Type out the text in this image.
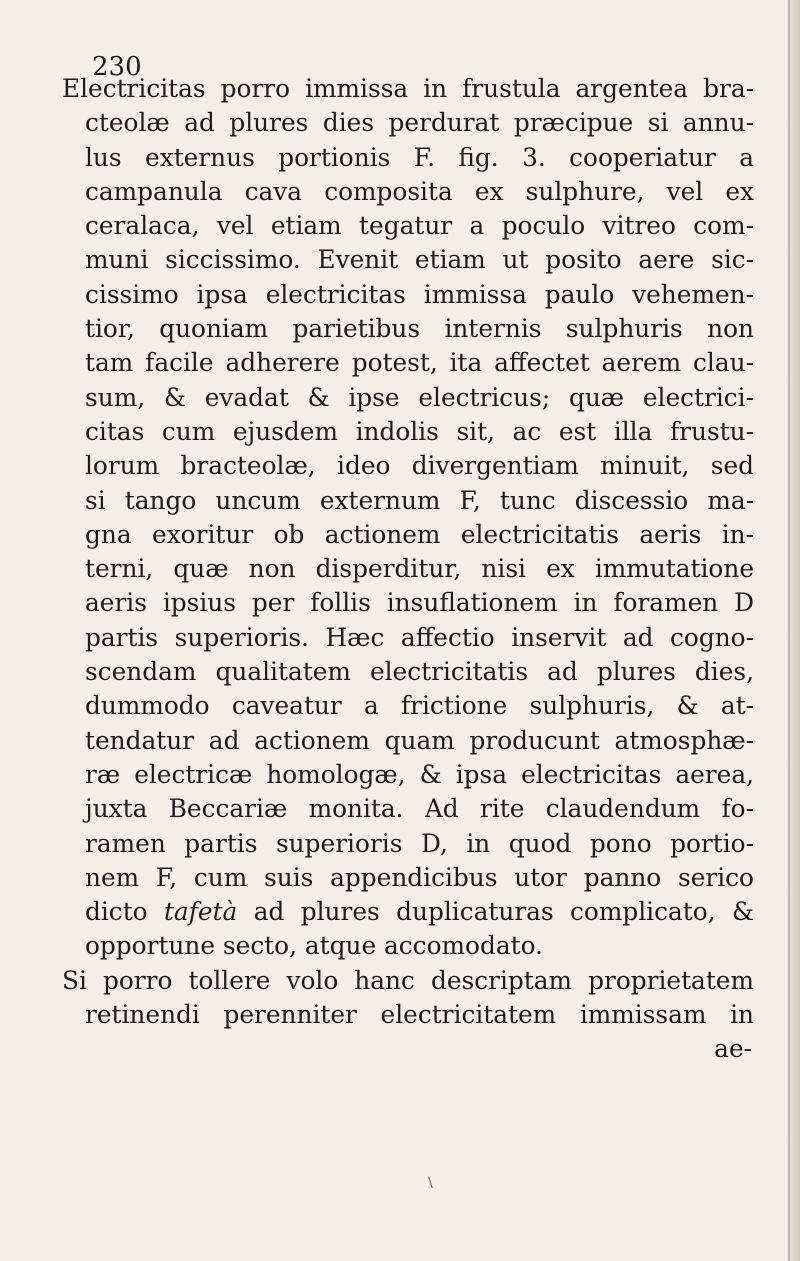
230
Electricitas porro immissa in frustula argentea bra-
cteolæ ad plures dies perdurat præcipue si annu-
lus externus portionis F. fig. 3. cooperiatur a
campanula cava composita ex sulphure, vel ex
ceralaca, vel etiam tegatur a poculo vitreo com-
muni siccissimo. Evenit etiam ut posito aere sic-
cissimo ipsa electricitas immissa paulo vehemen-
tior, quoniam parietibus internis sulphuris non
tam facile adherere potest, ita affectet aerem clau-
sum, & evadat & ipse electricus; quæ electrici-
citas cum ejusdem indolis sit, ac est illa frustu-
lorum bracteolæ, ideo divergentiam minuit, sed
si tango uncum externum F, tunc discessio ma-
gna exoritur ob actionem electricitatis aeris in-
terni, quæ non disperditur, nisi ex immutatione
aeris ipsius per follis insuflationem in foramen D
partis superioris. Hæc affectio inservit ad cogno-
scendam qualitatem electricitatis ad plures dies,
dummodo caveatur a frictione sulphuris, & at-
tendatur ad actionem quam producunt atmosphæ-
ræ electricæ homologæ, & ipsa electricitas aerea,
juxta Beccariæ monita. Ad rite claudendum fo-
ramen partis superioris D, in quod pono portio-
nem F, cum suis appendicibus utor panno serico
dicto tafetà ad plures duplicaturas complicato, &
opportune secto, atque accomodato.
Si porro tollere volo hanc descriptam proprietatem
retinendi perenniter electricitatem immissam in
ae-
\
